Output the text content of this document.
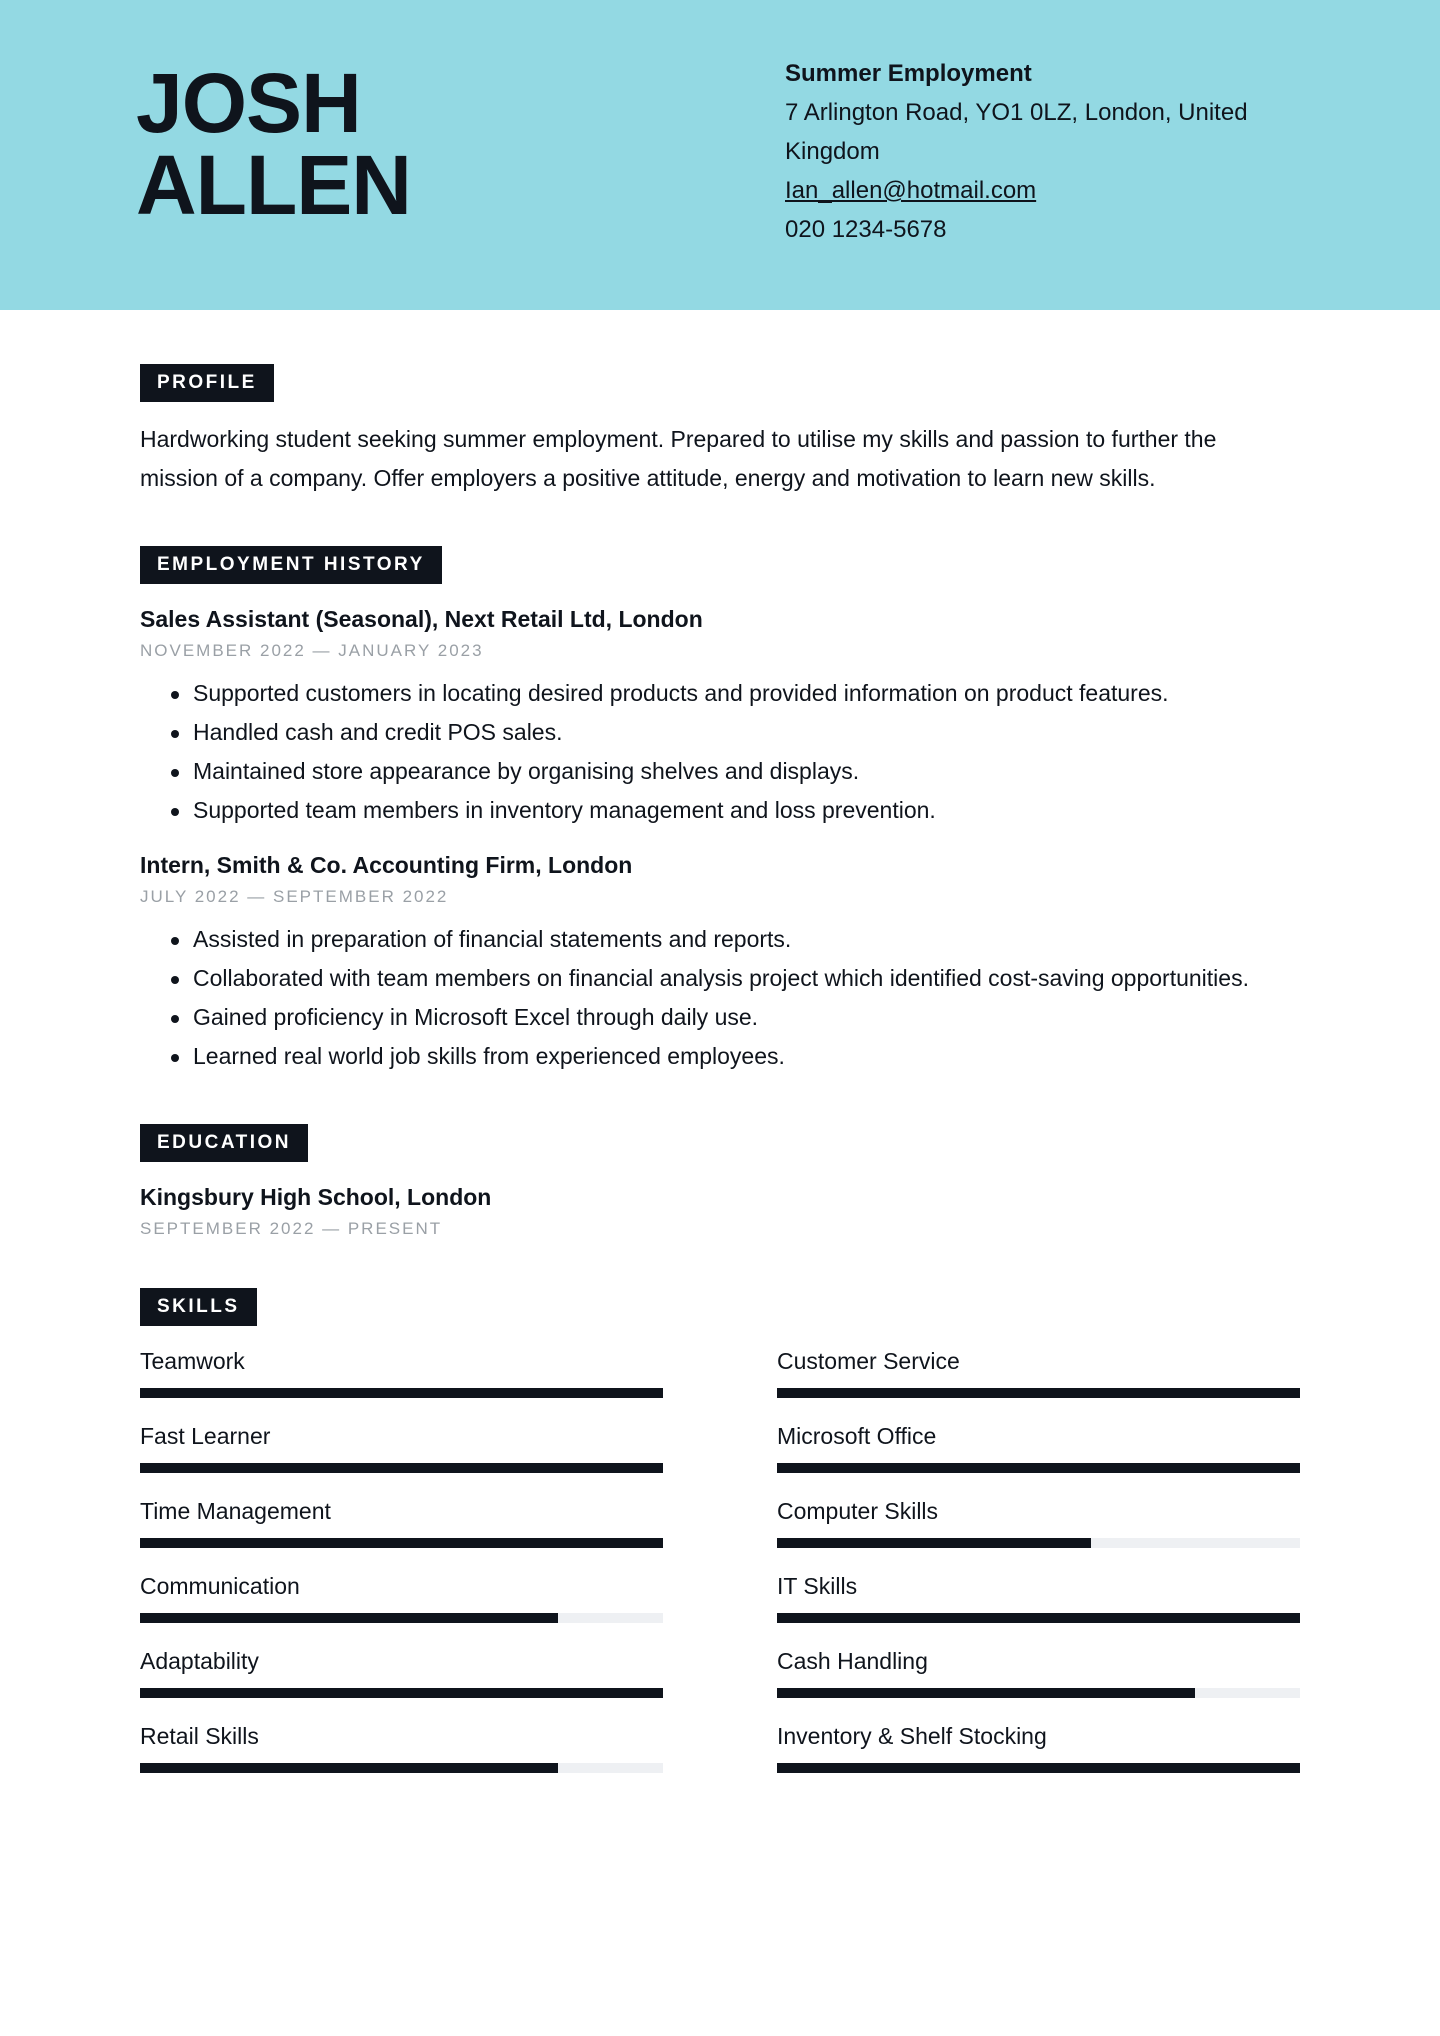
JOSH
ALLEN
Summer Employment
7 Arlington Road, YO1 0LZ, London, United
Kingdom
Ian_allen@hotmail.com
020 1234-5678
PROFILE

Hardworking student seeking summer employment. Prepared to utilise my skills and passion to further the mission of a company. Offer employers a positive attitude, energy and motivation to learn new skills.

EMPLOYMENT HISTORY
Sales Assistant (Seasonal), Next Retail Ltd, London
NOVEMBER 2022 — JANUARY 2023
Supported customers in locating desired products and provided information on product features.
Handled cash and credit POS sales.
Maintained store appearance by organising shelves and displays.
Supported team members in inventory management and loss prevention.
Intern, Smith & Co. Accounting Firm, London
JULY 2022 — SEPTEMBER 2022
Assisted in preparation of financial statements and reports.
Collaborated with team members on financial analysis project which identified cost-saving opportunities.
Gained proficiency in Microsoft Excel through daily use.
Learned real world job skills from experienced employees.
EDUCATION
Kingsbury High School, London
SEPTEMBER 2022 — PRESENT
SKILLS
Teamwork	Customer Service
Fast Learner	Microsoft Office
Time Management	Computer Skills
Communication	IT Skills
Adaptability	Cash Handling
Retail Skills	Inventory & Shelf Stocking
